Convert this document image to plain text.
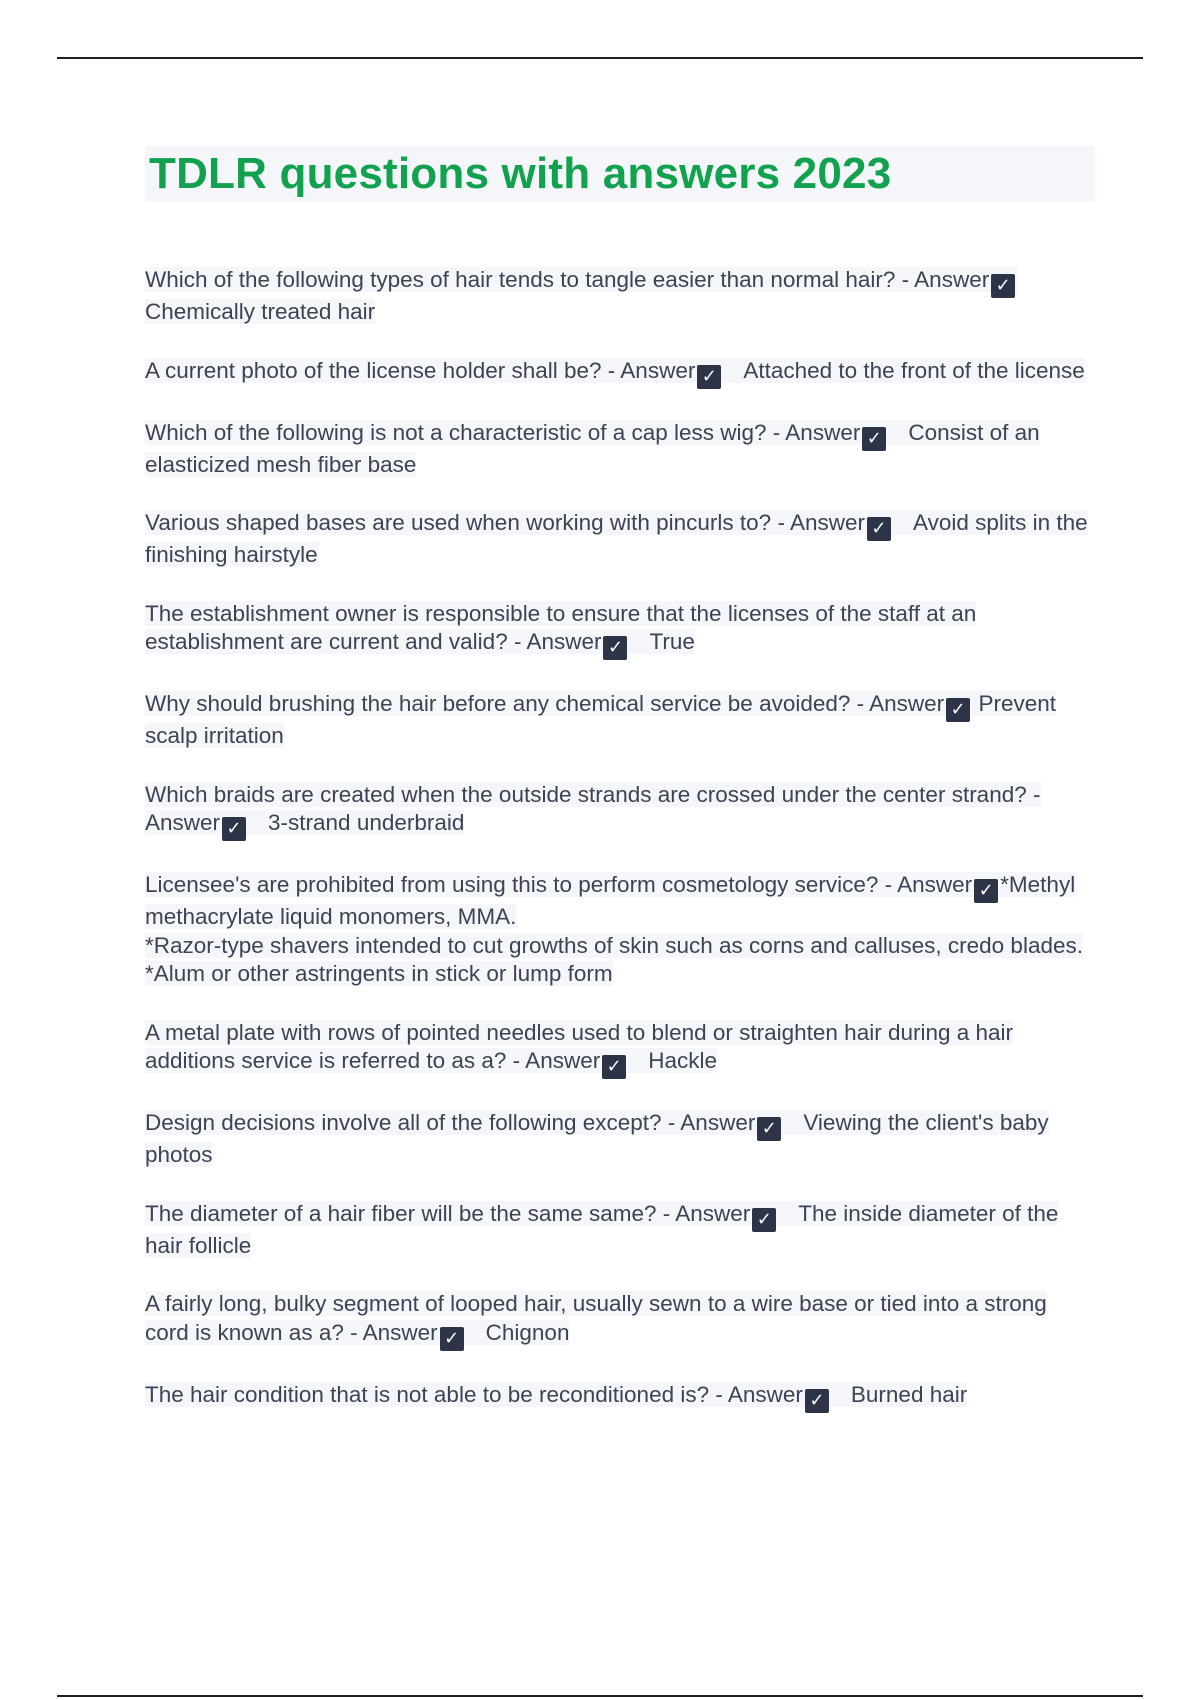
TDLR questions with answers 2023
Which of the following types of hair tends to tangle easier than normal hair? - Answer ✓ Chemically treated hair
A current photo of the license holder shall be? - Answer ✓ Attached to the front of the license
Which of the following is not a characteristic of a cap less wig? - Answer ✓ Consist of an elasticized mesh fiber base
Various shaped bases are used when working with pincurls to? - Answer ✓ Avoid splits in the finishing hairstyle
The establishment owner is responsible to ensure that the licenses of the staff at an establishment are current and valid? - Answer ✓ True
Why should brushing the hair before any chemical service be avoided? - Answer ✓ Prevent scalp irritation
Which braids are created when the outside strands are crossed under the center strand? - Answer ✓ 3-strand underbraid
Licensee's are prohibited from using this to perform cosmetology service? - Answer ✓ *Methyl methacrylate liquid monomers, MMA.
*Razor-type shavers intended to cut growths of skin such as corns and calluses, credo blades.
*Alum or other astringents in stick or lump form
A metal plate with rows of pointed needles used to blend or straighten hair during a hair additions service is referred to as a? - Answer ✓ Hackle
Design decisions involve all of the following except? - Answer ✓ Viewing the client's baby photos
The diameter of a hair fiber will be the same same? - Answer ✓ The inside diameter of the hair follicle
A fairly long, bulky segment of looped hair, usually sewn to a wire base or tied into a strong cord is known as a? - Answer ✓ Chignon
The hair condition that is not able to be reconditioned is? - Answer ✓ Burned hair
